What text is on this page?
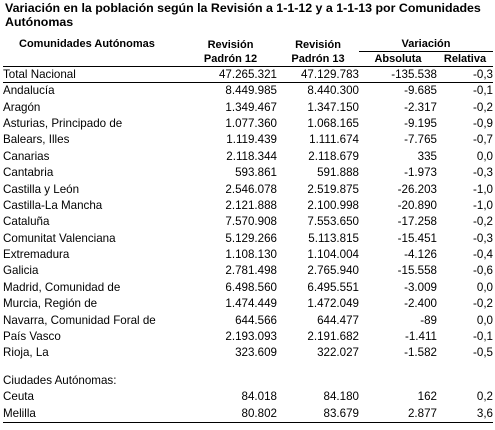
Variación en la población según la Revisión a 1-1-12 y a 1-1-13 por Comunidades Autónomas
Comunidades Autónomas	Revisión	Revisión	Variación	
	Padrón 12	Padrón 13	Absoluta	Relativa
Total Nacional	47.265.321	47.129.783	-135.538	-0,3
Andalucía	8.449.985	8.440.300	-9.685	-0,1
Aragón	1.349.467	1.347.150	-2.317	-0,2
Asturias, Principado de	1.077.360	1.068.165	-9.195	-0,9
Balears, Illes	1.119.439	1.111.674	-7.765	-0,7
Canarias	2.118.344	2.118.679	335	0,0
Cantabria	593.861	591.888	-1.973	-0,3
Castilla y León	2.546.078	2.519.875	-26.203	-1,0
Castilla-La Mancha	2.121.888	2.100.998	-20.890	-1,0
Cataluña	7.570.908	7.553.650	-17.258	-0,2
Comunitat Valenciana	5.129.266	5.113.815	-15.451	-0,3
Extremadura	1.108.130	1.104.004	-4.126	-0,4
Galicia	2.781.498	2.765.940	-15.558	-0,6
Madrid, Comunidad de	6.498.560	6.495.551	-3.009	0,0
Murcia, Región de	1.474.449	1.472.049	-2.400	-0,2
Navarra, Comunidad Foral de	644.566	644.477	-89	0,0
País Vasco	2.193.093	2.191.682	-1.411	-0,1
Rioja, La	323.609	322.027	-1.582	-0,5

Ciudades Autónomas:				
Ceuta	84.018	84.180	162	0,2
Melilla	80.802	83.679	2.877	3,6
